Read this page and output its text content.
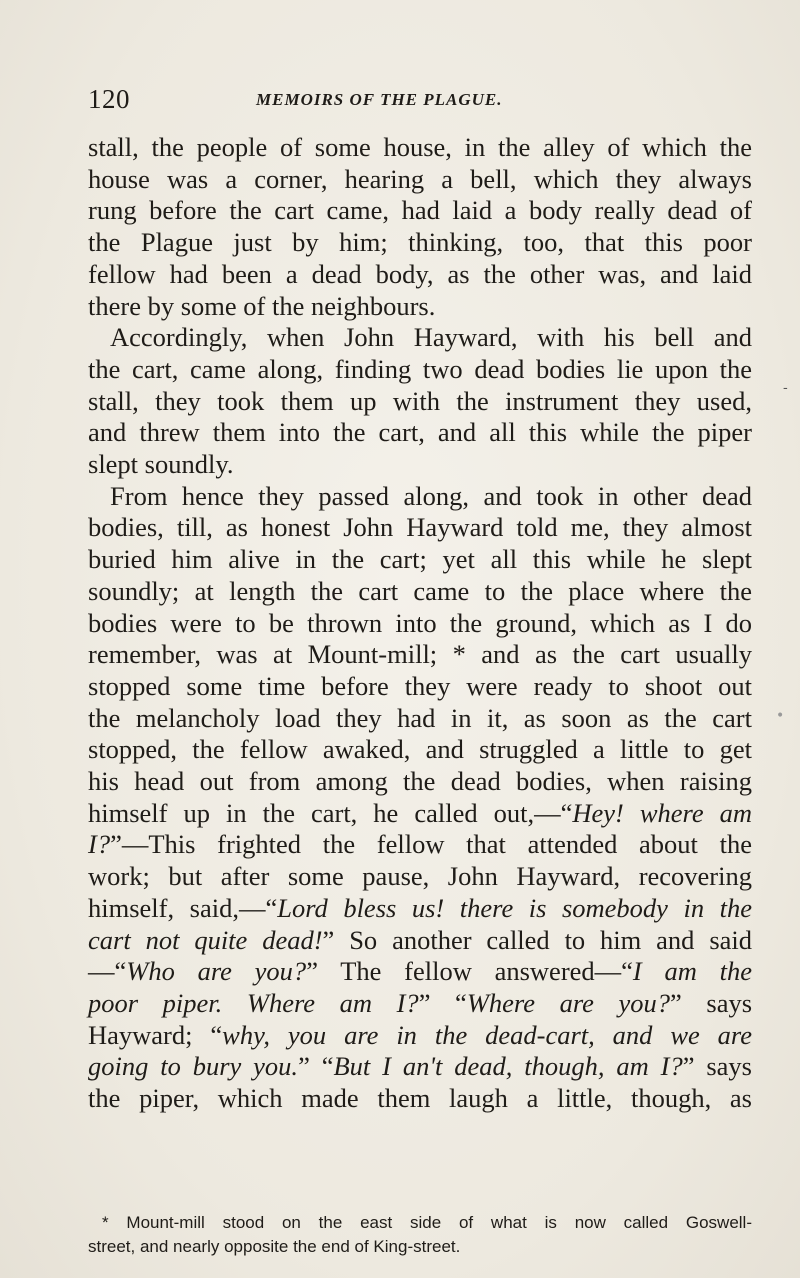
120	MEMOIRS OF THE PLAGUE.
stall, the people of some house, in the alley of which the
house was a corner, hearing a bell, which they always
rung before the cart came, had laid a body really dead of
the Plague just by him; thinking, too, that this poor
fellow had been a dead body, as the other was, and laid
there by some of the neighbours.
Accordingly, when John Hayward, with his bell and
the cart, came along, finding two dead bodies lie upon the
stall, they took them up with the instrument they used,
and threw them into the cart, and all this while the piper
slept soundly.
From hence they passed along, and took in other dead
bodies, till, as honest John Hayward told me, they almost
buried him alive in the cart; yet all this while he slept
soundly; at length the cart came to the place where the
bodies were to be thrown into the ground, which as I do
remember, was at Mount-mill; * and as the cart usually
stopped some time before they were ready to shoot out
the melancholy load they had in it, as soon as the cart
stopped, the fellow awaked, and struggled a little to get
his head out from among the dead bodies, when raising
himself up in the cart, he called out,—“Hey! where am
I?”—This frighted the fellow that attended about the
work; but after some pause, John Hayward, recovering
himself, said,—“Lord bless us! there is somebody in the
cart not quite dead!” So another called to him and said
—“Who are you?” The fellow answered—“I am the
poor piper. Where am I?” “Where are you?” says
Hayward; “why, you are in the dead-cart, and we are
going to bury you.” “But I an't dead, though, am I?” says
the piper, which made them laugh a little, though, as
* Mount-mill stood on the east side of what is now called Goswell-
street, and nearly opposite the end of King-street.
-
•
